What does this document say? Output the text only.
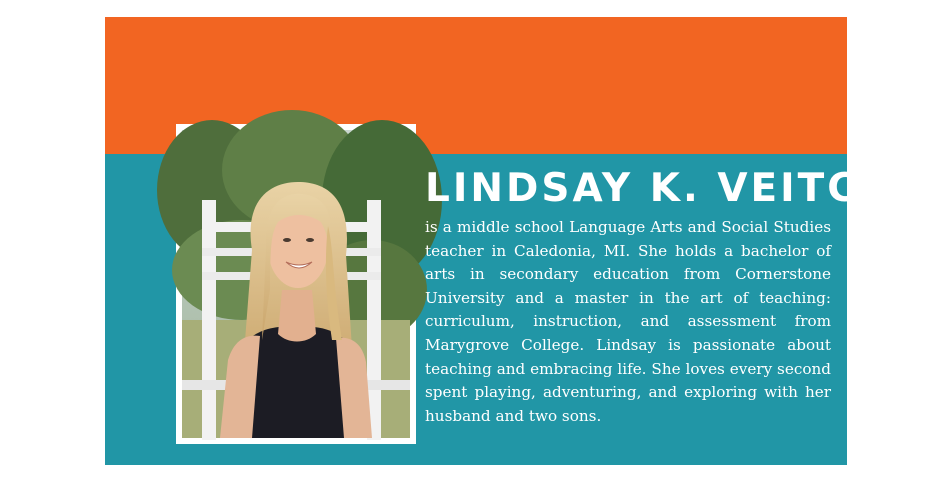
LINDSAY K. VEITCH
is a middle school Language Arts and Social Studies teacher in Caledonia, MI. She holds a bachelor of arts in secondary education from Cornerstone University and a master in the art of teaching: curriculum, instruction, and assessment from Marygrove College. Lindsay is passionate about teaching and embracing life. She loves every second spent playing, adventuring, and exploring with her husband and two sons.
